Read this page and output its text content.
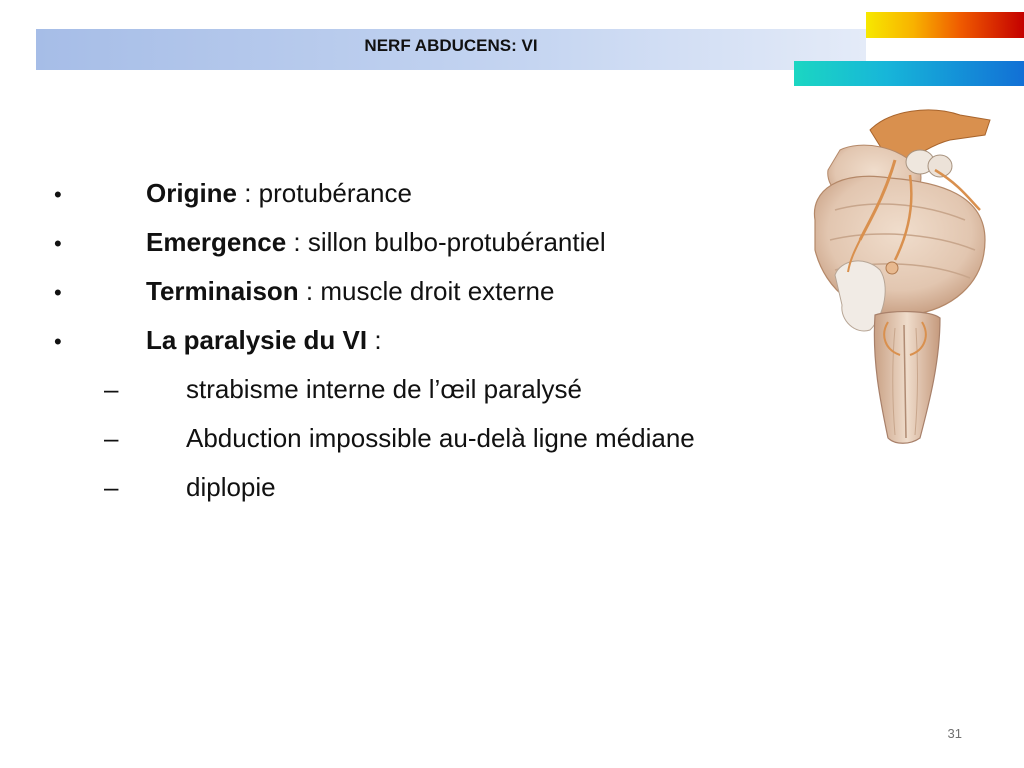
NERF ABDUCENS: VI
•	Origine : protubérance
•	Emergence : sillon bulbo-protubérantiel
•	Terminaison : muscle droit externe
•	La paralysie du VI :
–	strabisme interne de l’œil paralysé
–	Abduction impossible au-delà ligne médiane
–	diplopie
31
